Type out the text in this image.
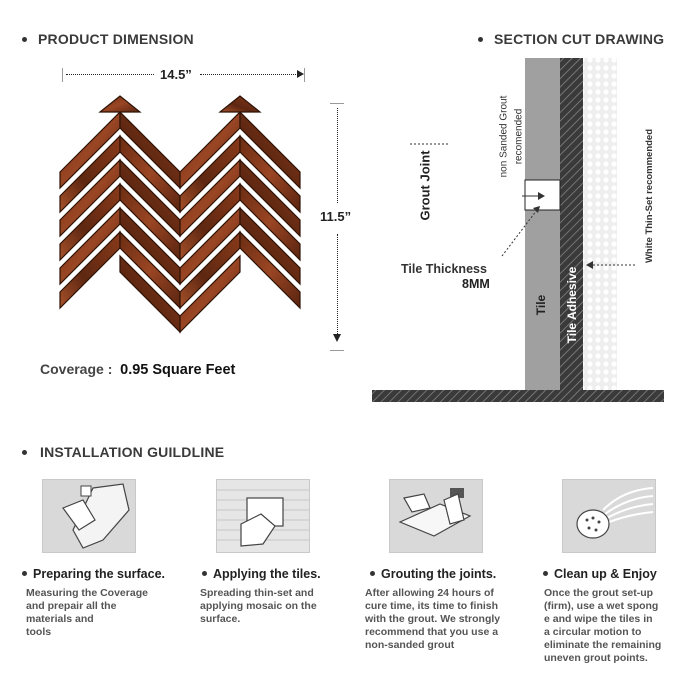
PRODUCT DIMENSION
14.5”
11.5”
Coverage : 0.95 Square Feet
SECTION CUT DRAWING
Grout Joint
non Sanded Grout recomended
Tile Thickness
8MM
Tile Tile Adhesive
White Thin-Set recommended
INSTALLATION GUILDLINE
Preparing the surface.	Applying the tiles.	Grouting the joints.	Clean up & Enjoy
Measuring the Coverage
and prepair all the
materials and
tools
Spreading thin-set and
applying mosaic on the
surface.
After allowing 24 hours of
cure time, its time to finish
with the grout. We strongly
recommend that you use a
non-sanded grout
Once the grout set-up
(firm), use a wet spong
e and wipe the tiles in
a circular motion to
eliminate the remaining
uneven grout points.
